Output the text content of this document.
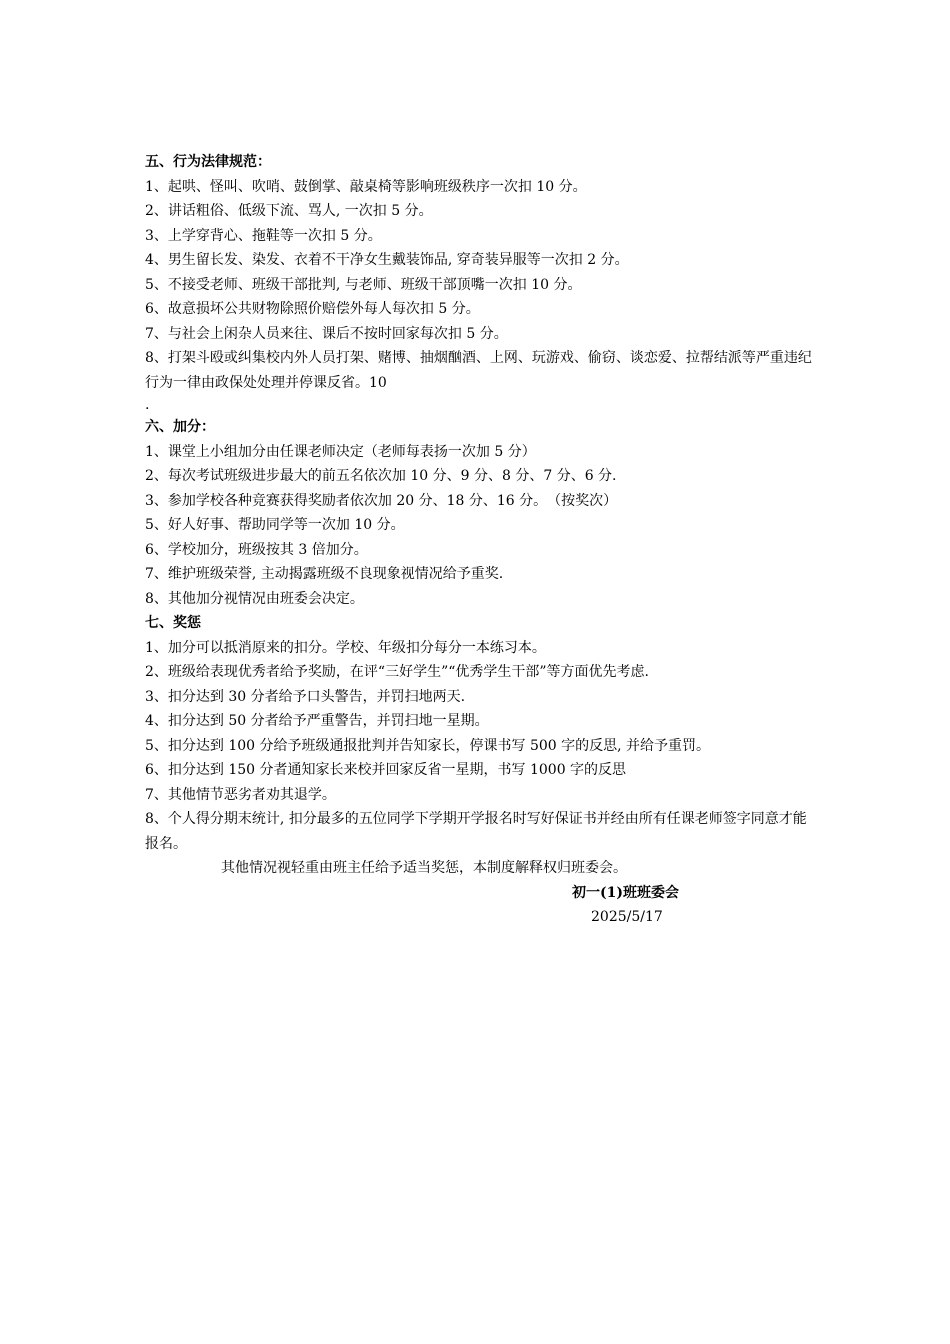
五、行为法律规范：
1、起哄、怪叫、吹哨、鼓倒掌、敲桌椅等影响班级秩序一次扣 10 分。
2、讲话粗俗、低级下流、骂人, 一次扣 5 分。
3、上学穿背心、拖鞋等一次扣 5 分。
4、男生留长发、染发、衣着不干净女生戴装饰品, 穿奇装异服等一次扣 2 分。
5、不接受老师、班级干部批判, 与老师、班级干部顶嘴一次扣 10 分。
6、故意损坏公共财物除照价赔偿外每人每次扣 5 分。
7、与社会上闲杂人员来往、课后不按时回家每次扣 5 分。
8、打架斗殴或纠集校内外人员打架、赌博、抽烟酗酒、上网、玩游戏、偷窃、谈恋爱、拉帮结派等严重违纪行为一律由政保处处理并停课反省。10
.
六、加分：
1、课堂上小组加分由任课老师决定（老师每表扬一次加 5 分）
2、每次考试班级进步最大的前五名依次加 10 分、9 分、8 分、7 分、6 分.
3、参加学校各种竞赛获得奖励者依次加 20 分、18 分、16 分。　（按奖次）
5、好人好事、帮助同学等一次加 10 分。
6、学校加分，班级按其 3 倍加分。
7、维护班级荣誉, 主动揭露班级不良现象视情况给予重奖.
8、其他加分视情况由班委会决定。
七、奖惩
1、加分可以抵消原来的扣分。学校、年级扣分每分一本练习本。
2、班级给表现优秀者给予奖励，在评“三好学生”“优秀学生干部”等方面优先考虑.
3、扣分达到 30 分者给予口头警告，并罚扫地两天.
4、扣分达到 50 分者给予严重警告，并罚扫地一星期。
5、扣分达到 100 分给予班级通报批判并告知家长，停课书写 500 字的反思, 并给予重罚。
6、扣分达到 150 分者通知家长来校并回家反省一星期，书写 1000 字的反思
7、其他情节恶劣者劝其退学。
8、个人得分期末统计, 扣分最多的五位同学下学期开学报名时写好保证书并经由所有任课老师签字同意才能报名。
其他情况视轻重由班主任给予适当奖惩，本制度解释权归班委会。
初一(1)班班委会
2025/5/17
